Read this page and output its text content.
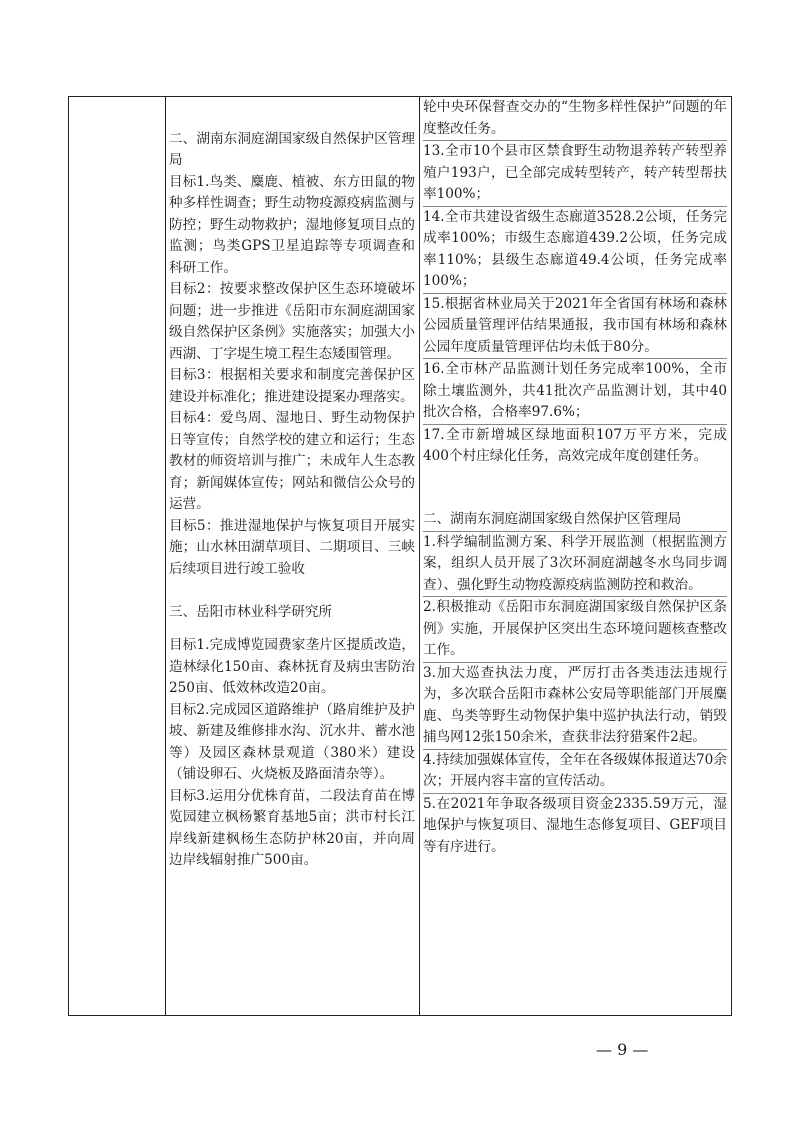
二、湖南东洞庭湖国家级自然保护区管理局
目标1.鸟类、麋鹿、植被、东方田鼠的物种多样性调查；野生动物疫源疫病监测与防控；野生动物救护；湿地修复项目点的监测；鸟类GPS卫星追踪等专项调查和科研工作。
目标2：按要求整改保护区生态环境破坏问题；进一步推进《岳阳市东洞庭湖国家级自然保护区条例》实施落实；加强大小西湖、丁字堤生境工程生态矮围管理。
目标3：根据相关要求和制度完善保护区建设并标准化；推进建设提案办理落实。
目标4：爱鸟周、湿地日、野生动物保护日等宣传；自然学校的建立和运行；生态教材的师资培训与推广；未成年人生态教育；新闻媒体宣传；网站和微信公众号的运营。
目标5：推进湿地保护与恢复项目开展实施；山水林田湖草项目、二期项目、三峡后续项目进行竣工验收
三、岳阳市林业科学研究所
目标1.完成博览园费家垄片区提质改造，造林绿化150亩、森林抚育及病虫害防治250亩、低效林改造20亩。
目标2.完成园区道路维护（路肩维护及护坡、新建及维修排水沟、沉水井、蓄水池等）及园区森林景观道（380米）建设（铺设卵石、火烧板及路面清杂等）。
目标3.运用分优株育苗，二段法育苗在博览园建立枫杨繁育基地5亩；洪市村长江岸线新建枫杨生态防护林20亩，并向周边岸线辐射推广500亩。
轮中央环保督查交办的“生物多样性保护”问题的年度整改任务。
13.全市10个县市区禁食野生动物退养转产转型养殖户193户，已全部完成转型转产，转产转型帮扶率100%；
14.全市共建设省级生态廊道3528.2公顷，任务完成率100%；市级生态廊道439.2公顷，任务完成率110%；县级生态廊道49.4公顷，任务完成率100%；
15.根据省林业局关于2021年全省国有林场和森林公园质量管理评估结果通报，我市国有林场和森林公园年度质量管理评估均未低于80分。
16.全市林产品监测计划任务完成率100%，全市除土壤监测外，共41批次产品监测计划，其中40批次合格，合格率97.6%；
17.全市新增城区绿地面积107万平方米，完成400个村庄绿化任务，高效完成年度创建任务。
二、湖南东洞庭湖国家级自然保护区管理局
1.科学编制监测方案、科学开展监测（根据监测方案，组织人员开展了3次环洞庭湖越冬水鸟同步调查）、强化野生动物疫源疫病监测防控和救治。
2.积极推动《岳阳市东洞庭湖国家级自然保护区条例》实施，开展保护区突出生态环境问题核查整改工作。
3.加大巡查执法力度，严厉打击各类违法违规行为，多次联合岳阳市森林公安局等职能部门开展麋鹿、鸟类等野生动物保护集中巡护执法行动，销毁捕鸟网12张150余米，查获非法狩猎案件2起。
4.持续加强媒体宣传，全年在各级媒体报道达70余次；开展内容丰富的宣传活动。
5.在2021年争取各级项目资金2335.59万元，湿地保护与恢复项目、湿地生态修复项目、GEF项目等有序进行。
— 9 —
